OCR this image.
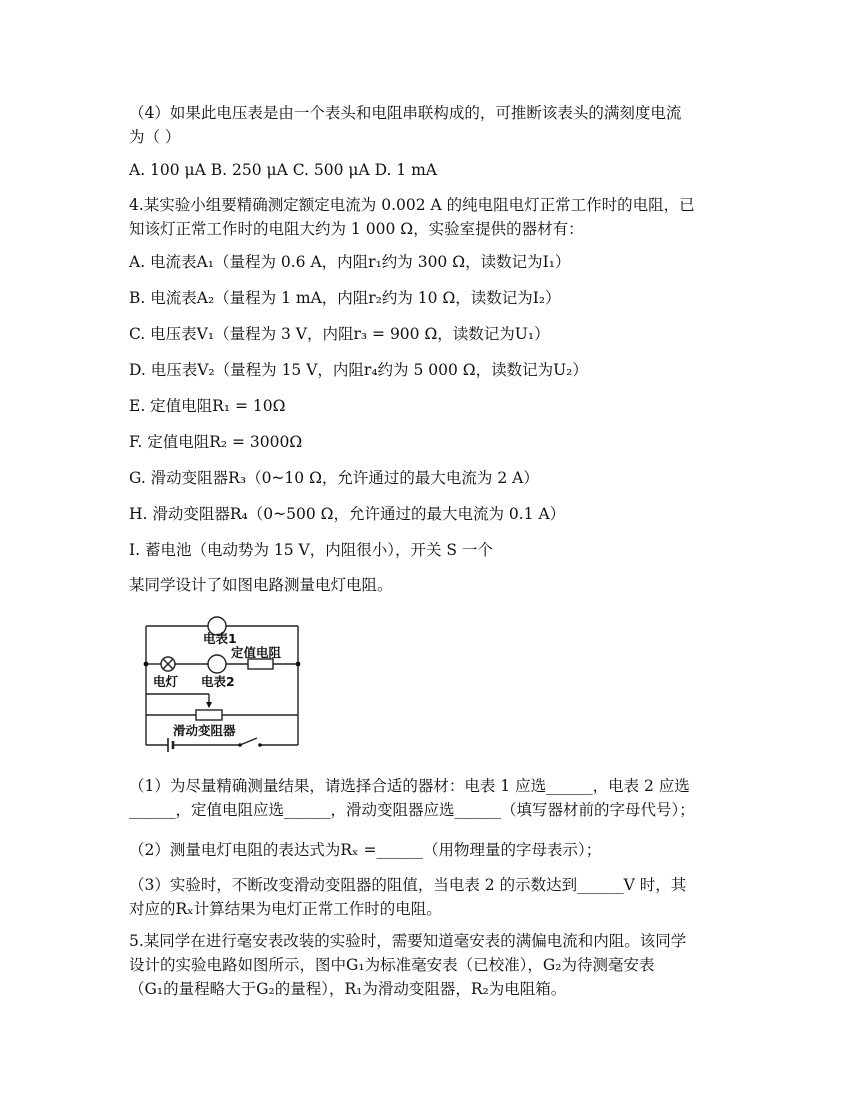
（4）如果此电压表是由一个表头和电阻串联构成的，可推断该表头的满刻度电流
为（ ）
A. 100 μA B. 250 μA C. 500 μA D. 1 mA
4.某实验小组要精确测定额定电流为 0.002 A 的纯电阻电灯正常工作时的电阻，已
知该灯正常工作时的电阻大约为 1 000 Ω，实验室提供的器材有：
A. 电流表A₁（量程为 0.6 A，内阻r₁约为 300 Ω，读数记为I₁）
B. 电流表A₂（量程为 1 mA，内阻r₂约为 10 Ω，读数记为I₂）
C. 电压表V₁（量程为 3 V，内阻r₃ = 900 Ω，读数记为U₁）
D. 电压表V₂（量程为 15 V，内阻r₄约为 5 000 Ω，读数记为U₂）
E. 定值电阻R₁ = 10Ω
F. 定值电阻R₂ = 3000Ω
G. 滑动变阻器R₃（0~10 Ω，允许通过的最大电流为 2 A）
H. 滑动变阻器R₄（0~500 Ω，允许通过的最大电流为 0.1 A）
I. 蓄电池（电动势为 15 V，内阻很小），开关 S 一个
某同学设计了如图电路测量电灯电阻。
电表1
定值电阻
电灯 电表2
滑动变阻器
（1）为尽量精确测量结果，请选择合适的器材：电表 1 应选______，电表 2 应选
______，定值电阻应选______，滑动变阻器应选______（填写器材前的字母代号）；
（2）测量电灯电阻的表达式为Rₓ =______（用物理量的字母表示）；
（3）实验时，不断改变滑动变阻器的阻值，当电表 2 的示数达到______V 时，其
对应的Rₓ计算结果为电灯正常工作时的电阻。
5.某同学在进行毫安表改装的实验时，需要知道毫安表的满偏电流和内阻。该同学
设计的实验电路如图所示，图中G₁为标准毫安表（已校准），G₂为待测毫安表
（G₁的量程略大于G₂的量程），R₁为滑动变阻器，R₂为电阻箱。
